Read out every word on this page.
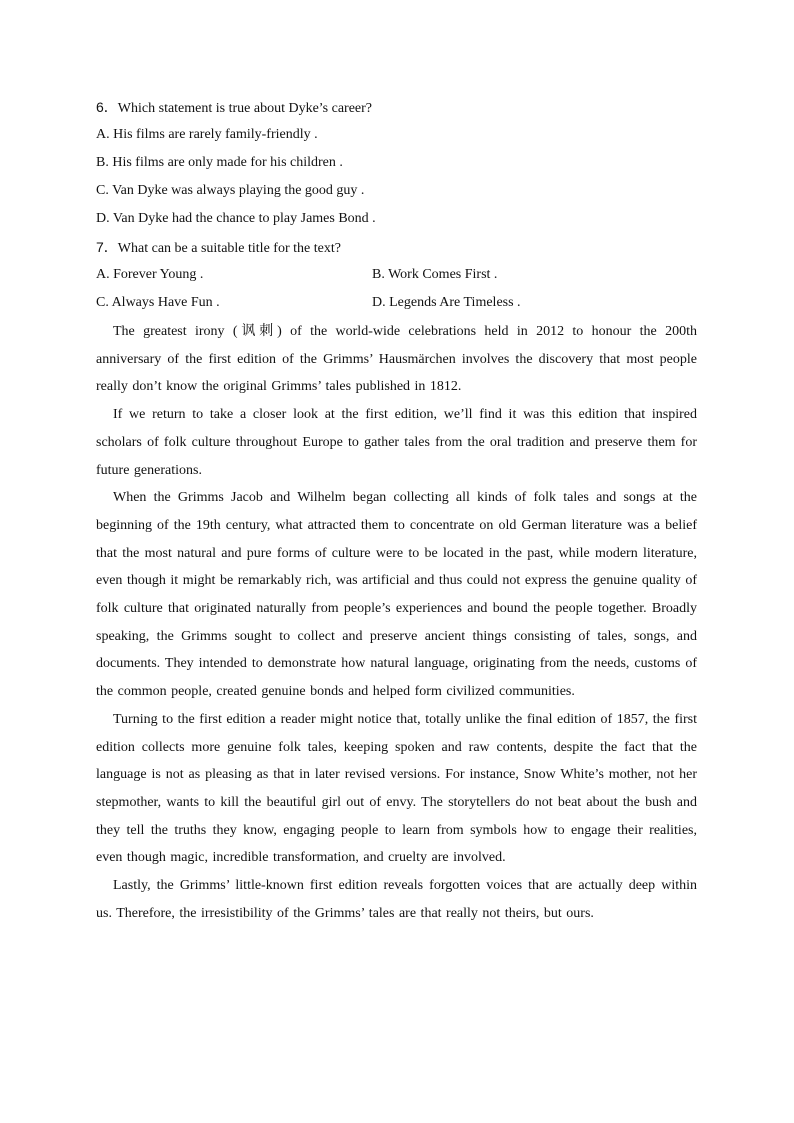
6．Which statement is true about Dyke’s career?
A. His films are rarely family-friendly .
B. His films are only made for his children .
C. Van Dyke was always playing the good guy .
D. Van Dyke had the chance to play James Bond .
7．What can be a suitable title for the text?
A. Forever Young .	B. Work Comes First .
C. Always Have Fun .	D. Legends Are Timeless .

The greatest irony (讽刺) of the world-wide celebrations held in 2012 to honour the 200th anniversary of the first edition of the Grimms’ Hausmärchen involves the discovery that most people really don’t know the original Grimms’ tales published in 1812.

If we return to take a closer look at the first edition, we’ll find it was this edition that inspired scholars of folk culture throughout Europe to gather tales from the oral tradition and preserve them for future generations.

When the Grimms Jacob and Wilhelm began collecting all kinds of folk tales and songs at the beginning of the 19th century, what attracted them to concentrate on old German literature was a belief that the most natural and pure forms of culture were to be located in the past, while modern literature, even though it might be remarkably rich, was artificial and thus could not express the genuine quality of folk culture that originated naturally from people’s experiences and bound the people together. Broadly speaking, the Grimms sought to collect and preserve ancient things consisting of tales, songs, and documents. They intended to demonstrate how natural language, originating from the needs, customs of the common people, created genuine bonds and helped form civilized communities.

Turning to the first edition a reader might notice that, totally unlike the final edition of 1857, the first edition collects more genuine folk tales, keeping spoken and raw contents, despite the fact that the language is not as pleasing as that in later revised versions. For instance, Snow White’s mother, not her stepmother, wants to kill the beautiful girl out of envy. The storytellers do not beat about the bush and they tell the truths they know, engaging people to learn from symbols how to engage their realities, even though magic, incredible transformation, and cruelty are involved.

Lastly, the Grimms’ little-known first edition reveals forgotten voices that are actually deep within us. Therefore, the irresistibility of the Grimms’ tales are that really not theirs, but ours.
